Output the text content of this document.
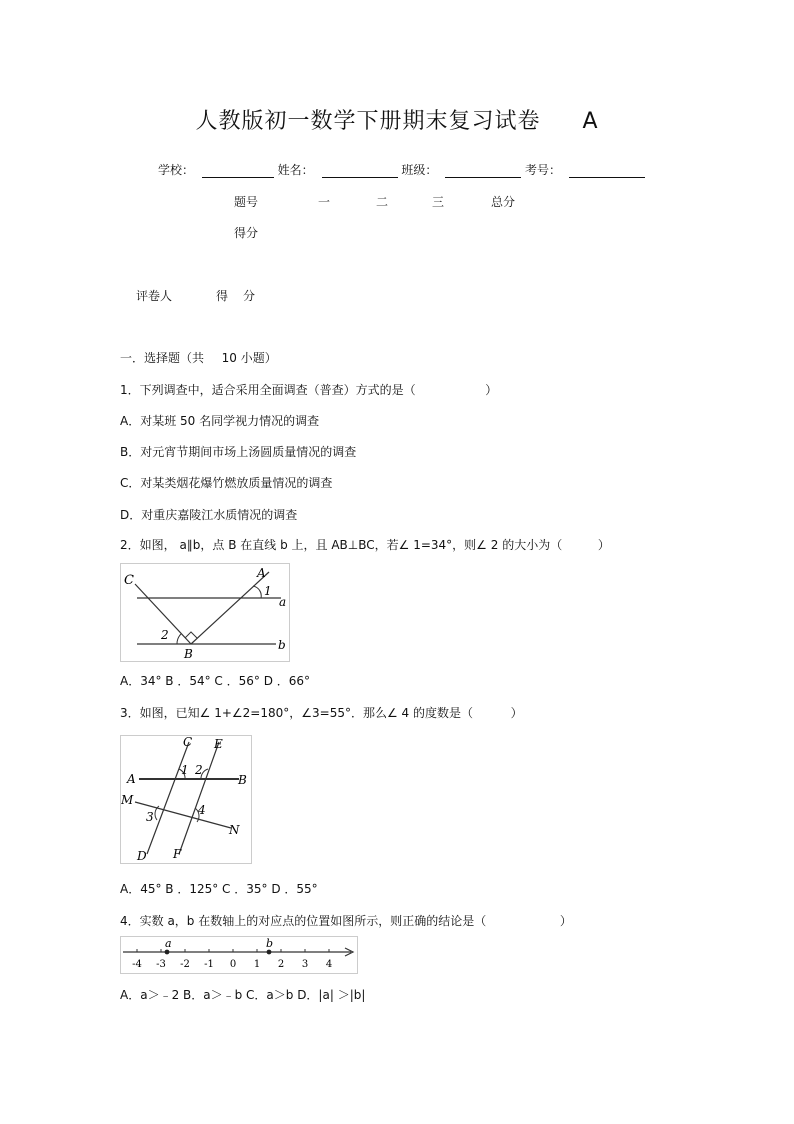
人教版初一数学下册期末复习试卷 A
学校：	姓名：	班级：	考号：
题号	一	二	三	总分
得分
评卷人	得 分
一．选择题（共 10 小题）
1．下列调查中，适合采用全面调查（普查）方式的是（	）
A．对某班 50 名同学视力情况的调查
B．对元宵节期间市场上汤圆质量情况的调查
C．对某类烟花爆竹燃放质量情况的调查
D．对重庆嘉陵江水质情况的调查
2．如图， a∥b，点 B 在直线 b 上，且 AB⊥BC，若∠ 1=34°，则∠ 2 的大小为（	）
C	A
1
a
2
B
b
A．34° B ．54° C ．56° D ．66°
3．如图，已知∠ 1+∠2=180°，∠3=55°．那么∠ 4 的度数是（	）
C E
A
1 2
B
M
4
3
N
D F
A．45° B ．125° C ．35° D ．55°
4．实数 a，b 在数轴上的对应点的位置如图所示，则正确的结论是（	）
-4 -3 -2 -1 0 1 2 3 4
a	b
A．a＞﹣2 B．a＞﹣b C．a＞b D．|a| ＞|b|
